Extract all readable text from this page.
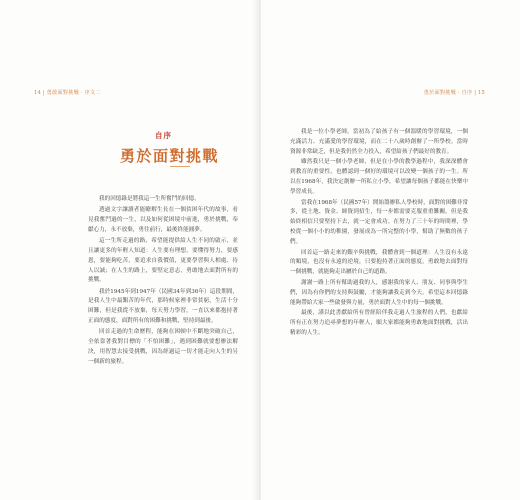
14 | 勇敢面對挑戰 · 序文二
自序
勇於面對挑戰

我的回憶錄是將我這一生所奮鬥的回憶。

透過文字讓讀者能瞭解生長在一個貧困年代的故事，看見我奮鬥過的一生，以及如何從困境中前進，勇於挑戰，奉獻心力，永不放棄，勇往前行，最後終能圓夢。

這一生所走過的路，希望能提供給人生不同的啟示，並且讓更多的年輕人知道：人生要有理想，要懂得努力，要感恩，要能夠吃苦，要追求自我價值，更要學習與人相處、待人以誠；在人生的路上，要堅定意志，勇敢地去面對所有的挑戰。

我於1945年到1947年（民國34年到36年）這段期間，是我人生中最艱苦的年代，那時候家裡非常貧窮，生活十分困難，但是我從不放棄，每天努力學習，一直以來都抱持著正面的態度，面對所有的困難和挑戰，堅持到最後。

回首走過的生命歷程，能夠在困頓中不斷地突破自己，全依靠著我對目標的「不怕困難」，遇到困難就要想辦法解決，用智慧去接受挑戰，因為經過這一切才能走向人生的另一個新的旅程。

勇於面對挑戰 · 自序 | 15

我是一位小學老師，當初為了給孩子有一個溫暖的學習環境，一個充滿活力、充滿愛的學習環境，而在二十八歲時創辦了一所學校。當時資源非常缺乏，但是我仍然全力投入，希望給孩子們最好的教育。

雖然我只是一個小學老師，但是在小學的教學過程中，我深深體會到教育的重要性，也體認到一個好的環境可以改變一個孩子的一生。所以在1968年，我決定創辦一所私立小學，希望讓每個孩子都能在快樂中學習成長。

當我在1968年（民國57年）開始籌辦私人學校時，面對的困難非常多，從土地、資金、師資到招生，每一步都需要克服重重難關。但是我始終相信只要堅持下去，就一定會成功。在努力了三十年的時間裡，學校從一個小小的幼稚園，發展成為一所完整的小學，幫助了無數的孩子們。

回首這一路走來的艱辛與挑戰，我體會到一個道理：人生沒有永遠的順境，也沒有永遠的逆境，只要抱持著正面的態度，勇敢地去面對每一個挑戰，就能夠走出屬於自己的道路。

謝謝一路上所有幫助過我的人，感謝我的家人、朋友、同事與學生們，因為有你們的支持與鼓勵，才能夠讓我走到今天。希望這本回憶錄能夠帶給大家一些啟發與力量，勇於面對人生中的每一個挑戰。

最後，謹以此書獻給所有曾經陪伴我走過人生旅程的人們，也獻給所有正在努力追尋夢想的年輕人，願大家都能夠勇敢地面對挑戰，活出精彩的人生。
